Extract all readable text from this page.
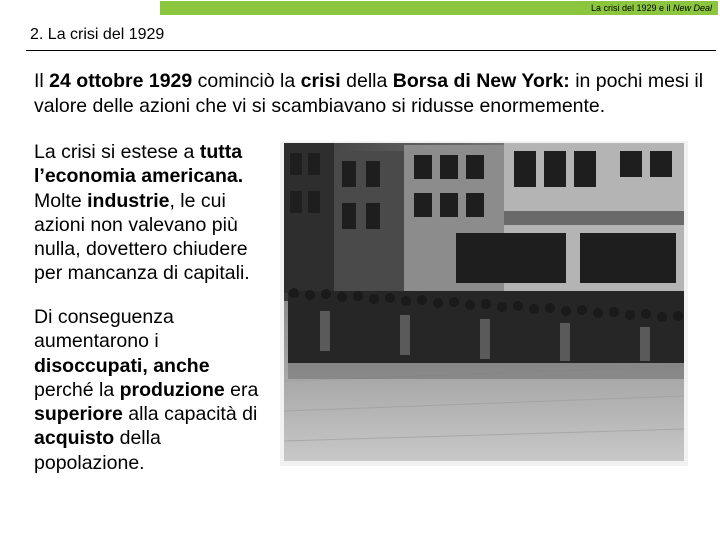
La crisi del 1929 e il New Deal
2. La crisi del 1929
Il 24 ottobre 1929 cominciò la crisi della Borsa di New York: in pochi mesi il valore delle azioni che vi si scambiavano si ridusse enormemente.
La crisi si estese a tutta l’economia americana. Molte industrie, le cui azioni non valevano più nulla, dovettero chiudere per mancanza di capitali.
Di conseguenza aumentarono i disoccupati, anche perché la produzione era superiore alla capacità di acquisto della popolazione.
